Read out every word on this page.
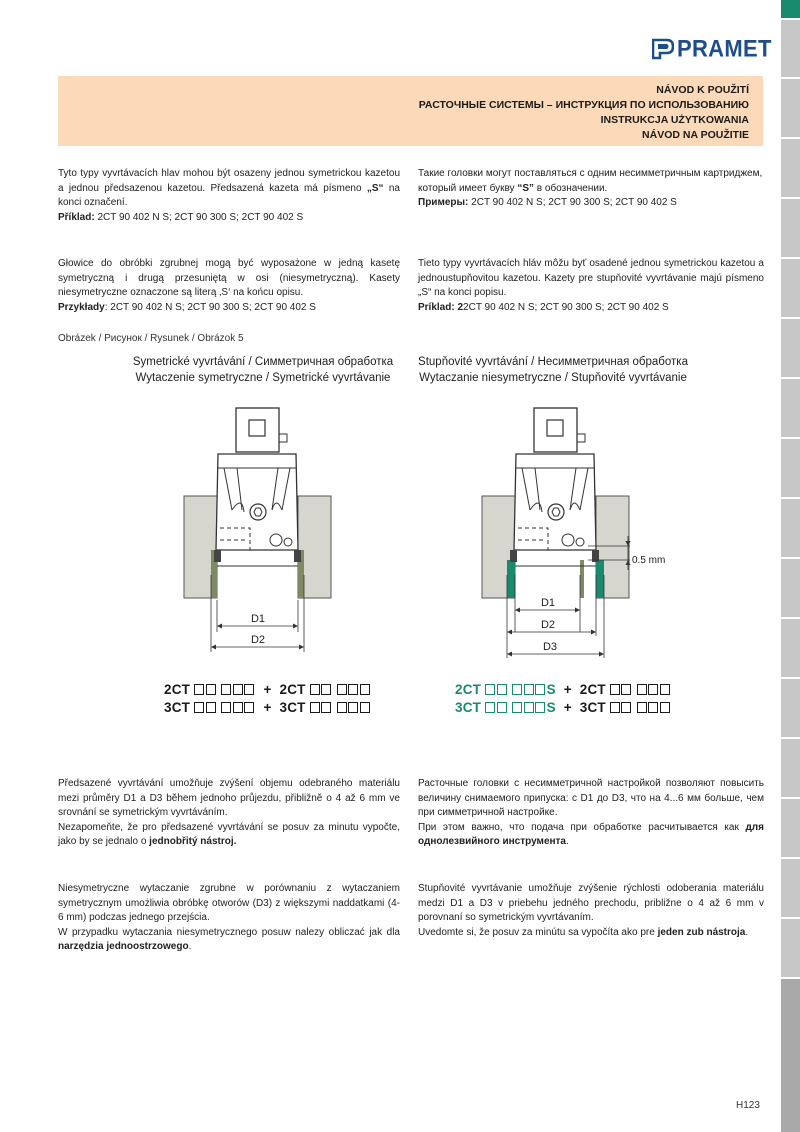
PRAMET
NÁVOD K POUŽITÍ
РАСТОЧНЫЕ СИСТЕМЫ – ИНСТРУКЦИЯ ПО ИСПОЛЬЗОВАНИЮ
INSTRUKCJA UŻYTKOWANIA
NÁVOD NA POUŽITIE

Tyto typy vyvrtávacích hlav mohou být osazeny jednou symetrickou kazetou a jednou předsazenou kazetou. Předsazená kazeta má písmeno „S“ na konci označení.

Příklad: 2CT 90 402 N S; 2CT 90 300 S; 2CT 90 402 S

Такие головки могут поставляться с одним несимметричным картриджем, который имеет букву “S” в обозначении.

Примеры: 2CT 90 402 N S; 2CT 90 300 S; 2CT 90 402 S

Głowice do obróbki zgrubnej mogą być wyposażone w jedną kasetę symetryczną i drugą przesuniętą w osi (niesymetryczną). Kasety niesymetryczne oznaczone są literą ‚S‘ na końcu opisu.

Przykłady: 2CT 90 402 N S; 2CT 90 300 S; 2CT 90 402 S

Tieto typy vyvrtávacích hláv môžu byť osadené jednou symetrickou kazetou a jednoustupňovitou kazetou. Kazety pre stupňovité vyvrtávanie majú písmeno „S“ na konci popisu.

Príklad: 22CT 90 402 N S; 2CT 90 300 S; 2CT 90 402 S

Obrázek / Рисунок / Rysunek / Obrázok 5
Symetrické vyvrtávání / Симметричная обработка
Wytaczenie symetryczne / Symetrické vyvrtávanie
Stupňovité vyvrtávání / Несимметричная обработка
Wytaczanie niesymetryczne / Stupňovité vyvrtávanie
D1
D2
0.5 mm
D1
D2
D3
2CT	+ 2CT
3CT	+ 3CT
2CT	S + 2CT
3CT	S + 3CT

Předsazené vyvrtávání umožňuje zvýšení objemu odebraného materiálu mezi průměry D1 a D3 během jednoho průjezdu, přibližně o 4 až 6 mm ve srovnání se symetrickým vyvrtáváním.

Nezapomeňte, že pro předsazené vyvrtávání se posuv za minutu vypočte, jako by se jednalo o jednobřitý nástroj.

Расточные головки с несимметричной настройкой позволяют повысить величину снимаемого припуска: с D1 до D3, что на 4...6 мм больше, чем при симметричной настройке.

При этом важно, что подача при обработке расчитывается как для однолезвийного инструмента.

Niesymetryczne wytaczanie zgrubne w porównaniu z wytaczaniem symetrycznym umożliwia obróbkę otworów (D3) z większymi naddatkami (4-6 mm) podczas jednego przejścia.

W przypadku wytaczania niesymetrycznego posuw nalezy obliczać jak dla narzędzia jednoostrzowego.

Stupňovité vyvrtávanie umožňuje zvýšenie rýchlosti odoberania materiálu medzi D1 a D3 v priebehu jedného prechodu, približne o 4 až 6 mm v porovnaní so symetrickým vyvrtávaním.

Uvedomte si, že posuv za minútu sa vypočíta ako pre jeden zub nástroja.

H123
